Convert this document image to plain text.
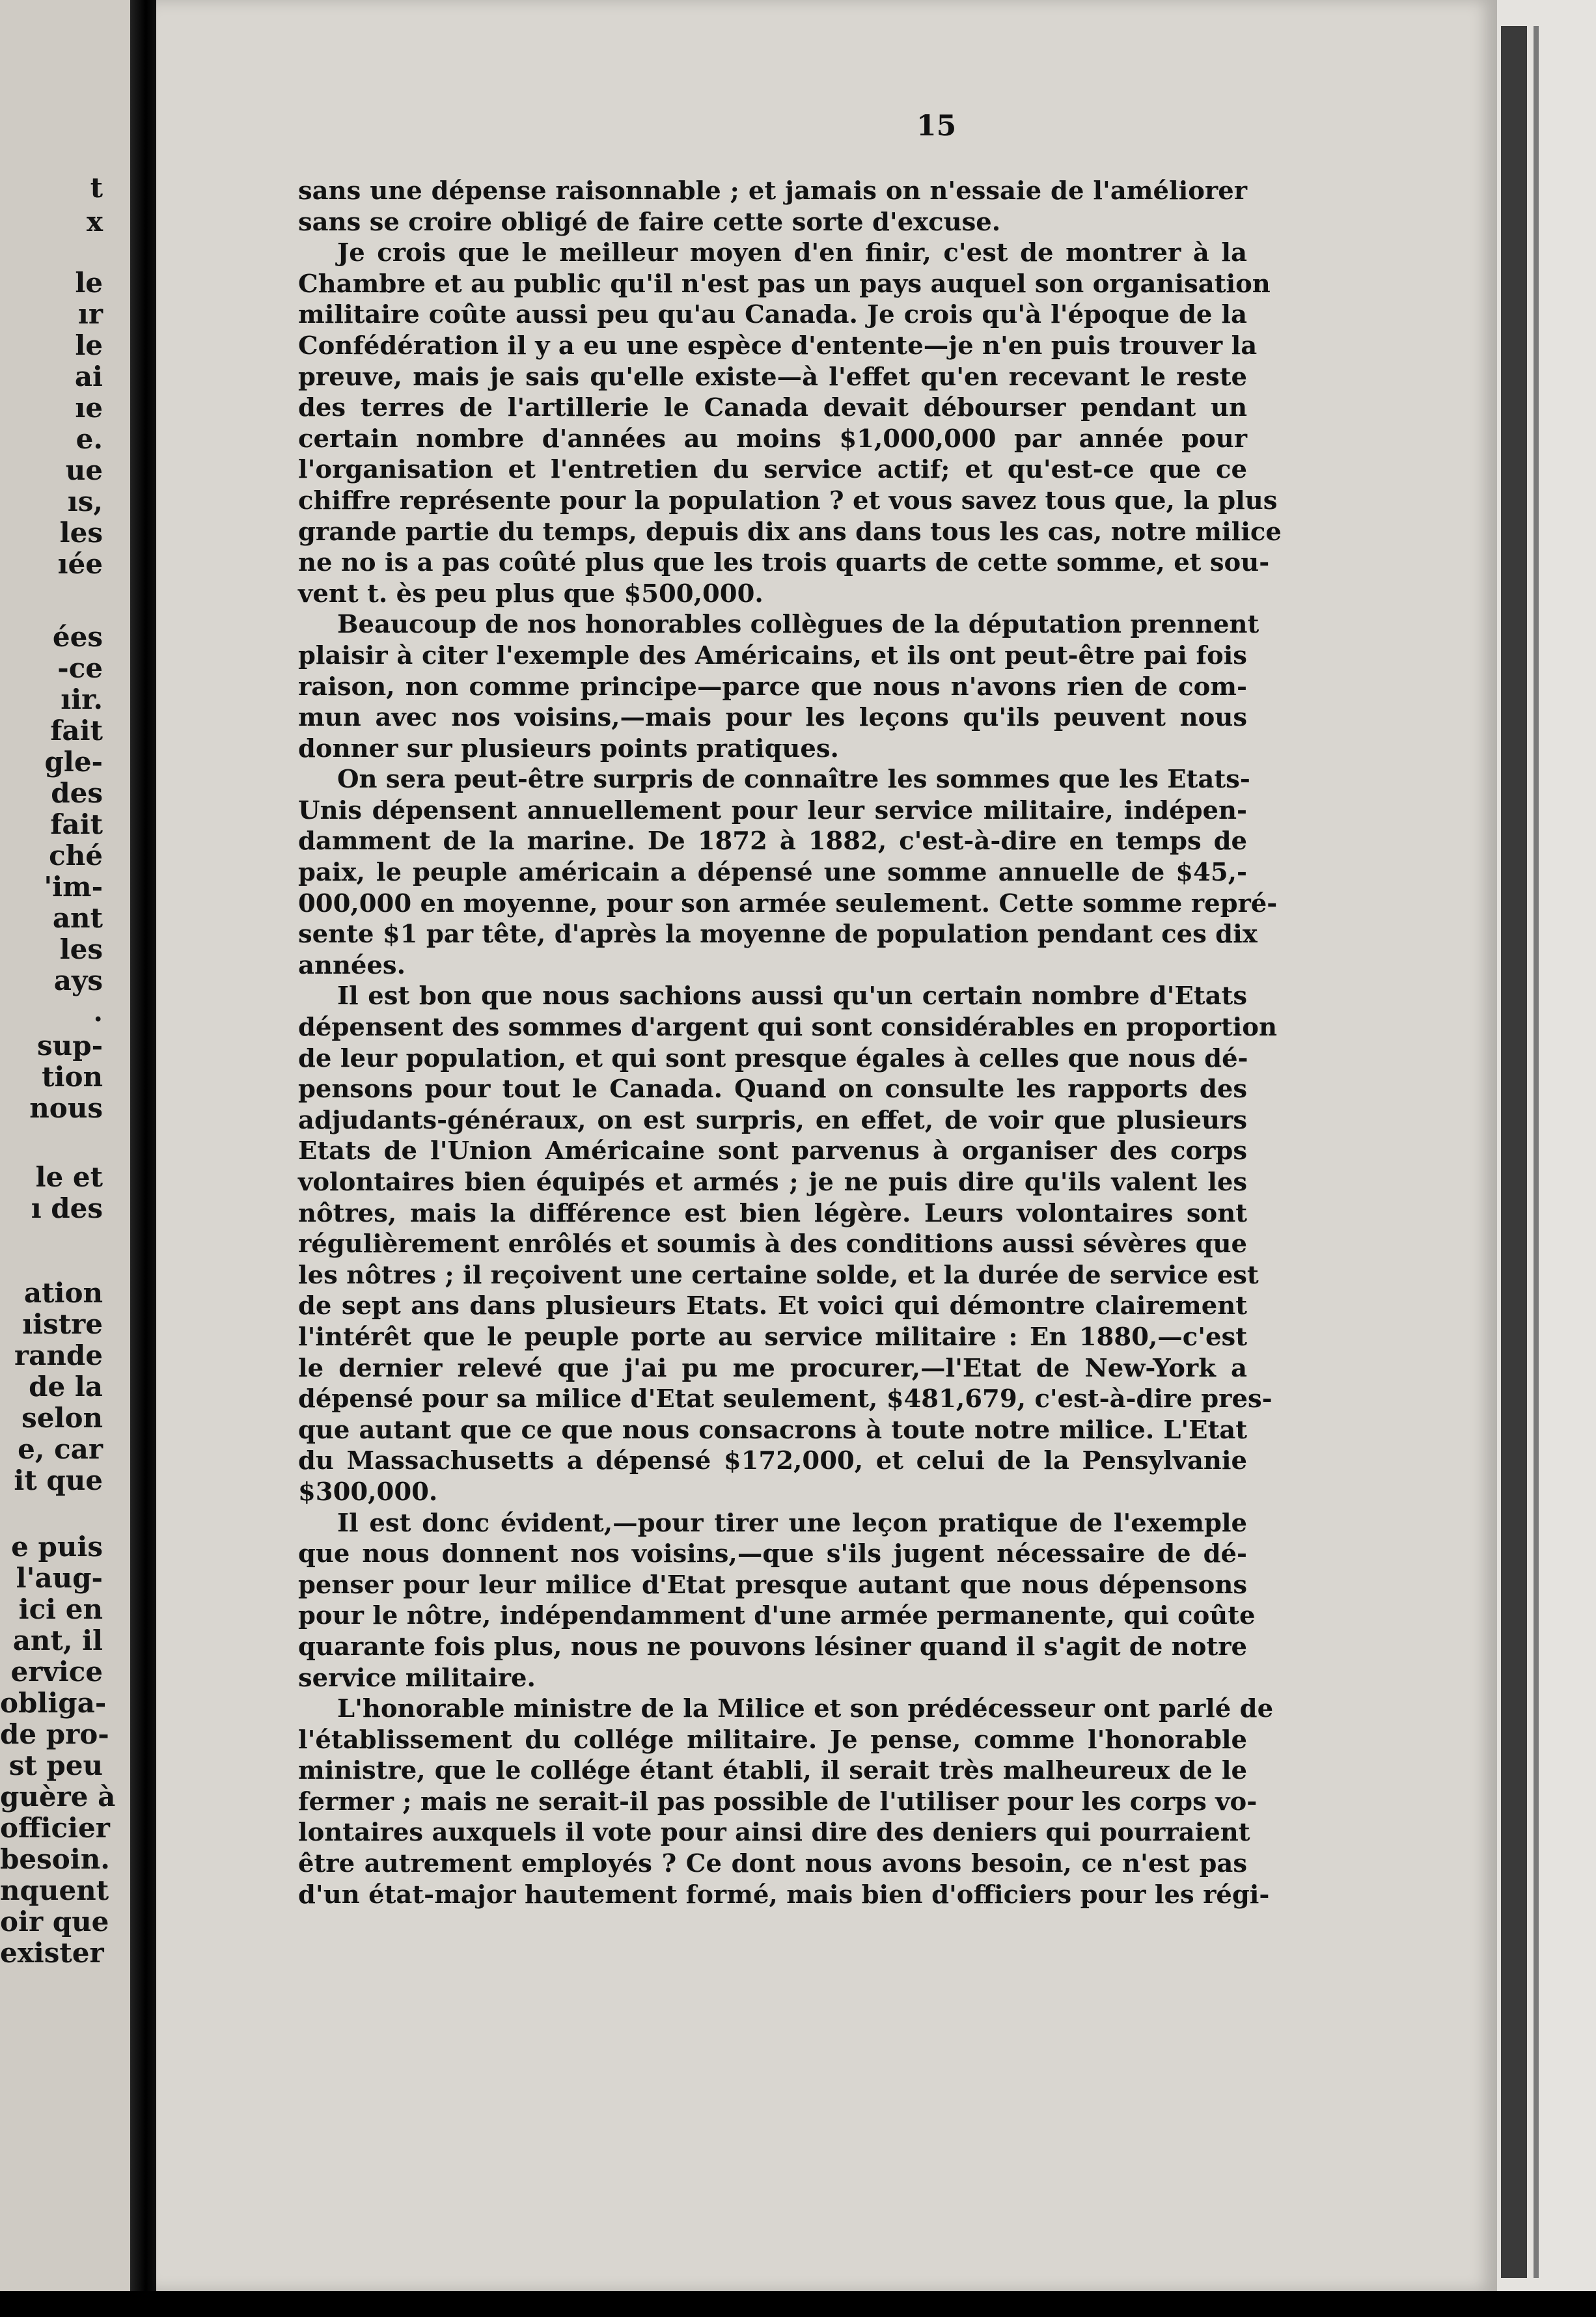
t
x
le
ır
le
ai
ıe
e.
ue
ıs,
les
ıée
ées
-ce
ıir.
fait
gle-
des
fait
ché
'im-
ant
les
ays
.
sup-
tion
nous
le et
ı des
ation
ıistre
rande
de la
selon
e, car
it que
e puis
l'aug-
ici en
ant, il
ervice
obliga-
de pro-
st peu
guère à
officier
besoin.
nquent
oir que
exister
15
sans une dépense raisonnable ; et jamais on n'essaie de l'améliorer
sans se croire obligé de faire cette sorte d'excuse.
Je crois que le meilleur moyen d'en finir, c'est de montrer à la
Chambre et au public qu'il n'est pas un pays auquel son organisation
militaire coûte aussi peu qu'au Canada. Je crois qu'à l'époque de la
Confédération il y a eu une espèce d'entente—je n'en puis trouver la
preuve, mais je sais qu'elle existe—à l'effet qu'en recevant le reste
des terres de l'artillerie le Canada devait débourser pendant un
certain nombre d'années au moins $1,000,000 par année pour
l'organisation et l'entretien du service actif; et qu'est-ce que ce
chiffre représente pour la population ? et vous savez tous que, la plus
grande partie du temps, depuis dix ans dans tous les cas, notre milice
ne no is a pas coûté plus que les trois quarts de cette somme, et sou-
vent t. ès peu plus que $500,000.
Beaucoup de nos honorables collègues de la députation prennent
plaisir à citer l'exemple des Américains, et ils ont peut-être pai fois
raison, non comme principe—parce que nous n'avons rien de com-
mun avec nos voisins,—mais pour les leçons qu'ils peuvent nous
donner sur plusieurs points pratiques.
On sera peut-être surpris de connaître les sommes que les Etats-
Unis dépensent annuellement pour leur service militaire, indépen-
damment de la marine. De 1872 à 1882, c'est-à-dire en temps de
paix, le peuple américain a dépensé une somme annuelle de $45,-
000,000 en moyenne, pour son armée seulement. Cette somme repré-
sente $1 par tête, d'après la moyenne de population pendant ces dix
années.
Il est bon que nous sachions aussi qu'un certain nombre d'Etats
dépensent des sommes d'argent qui sont considérables en proportion
de leur population, et qui sont presque égales à celles que nous dé-
pensons pour tout le Canada. Quand on consulte les rapports des
adjudants-généraux, on est surpris, en effet, de voir que plusieurs
Etats de l'Union Américaine sont parvenus à organiser des corps
volontaires bien équipés et armés ; je ne puis dire qu'ils valent les
nôtres, mais la différence est bien légère. Leurs volontaires sont
régulièrement enrôlés et soumis à des conditions aussi sévères que
les nôtres ; il reçoivent une certaine solde, et la durée de service est
de sept ans dans plusieurs Etats. Et voici qui démontre clairement
l'intérêt que le peuple porte au service militaire : En 1880,—c'est
le dernier relevé que j'ai pu me procurer,—l'Etat de New-York a
dépensé pour sa milice d'Etat seulement, $481,679, c'est-à-dire pres-
que autant que ce que nous consacrons à toute notre milice. L'Etat
du Massachusetts a dépensé $172,000, et celui de la Pensylvanie
$300,000.
Il est donc évident,—pour tirer une leçon pratique de l'exemple
que nous donnent nos voisins,—que s'ils jugent nécessaire de dé-
penser pour leur milice d'Etat presque autant que nous dépensons
pour le nôtre, indépendamment d'une armée permanente, qui coûte
quarante fois plus, nous ne pouvons lésiner quand il s'agit de notre
service militaire.
L'honorable ministre de la Milice et son prédécesseur ont parlé de
l'établissement du collége militaire. Je pense, comme l'honorable
ministre, que le collége étant établi, il serait très malheureux de le
fermer ; mais ne serait-il pas possible de l'utiliser pour les corps vo-
lontaires auxquels il vote pour ainsi dire des deniers qui pourraient
être autrement employés ? Ce dont nous avons besoin, ce n'est pas
d'un état-major hautement formé, mais bien d'officiers pour les régi-
